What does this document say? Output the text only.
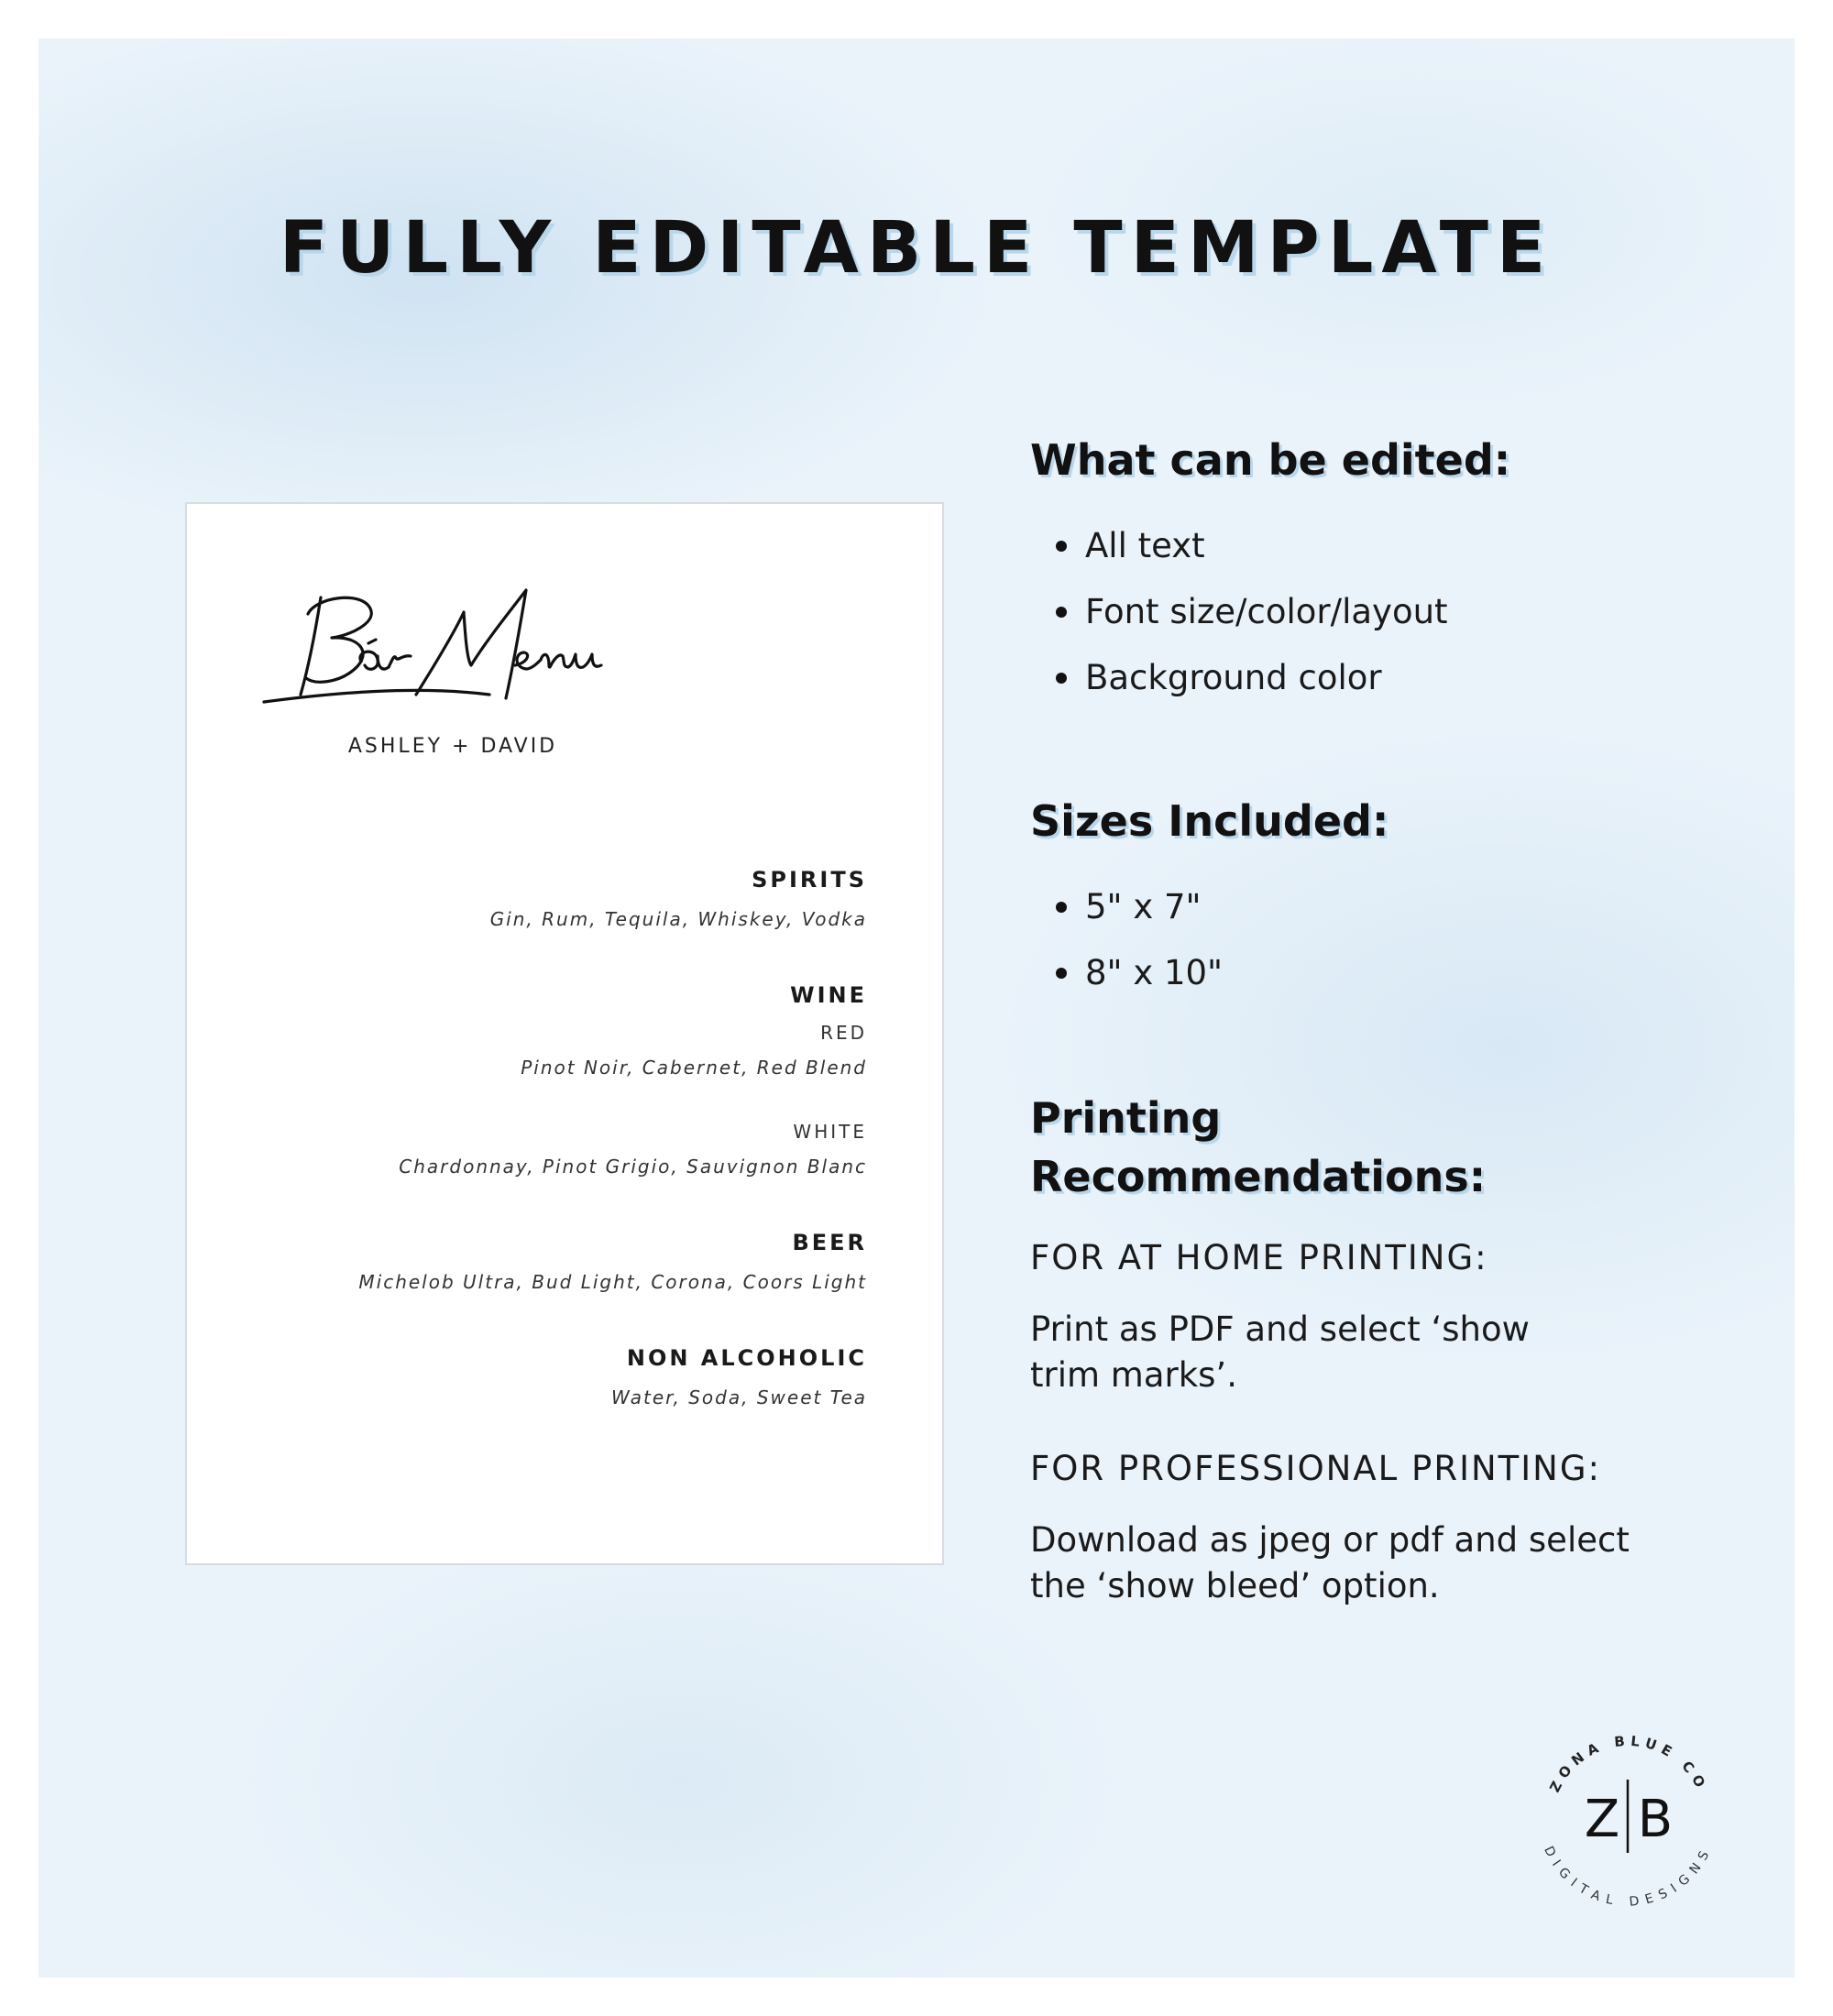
FULLY EDITABLE TEMPLATE
ASHLEY + DAVID
SPIRITS
Gin, Rum, Tequila, Whiskey, Vodka
WINE
RED
Pinot Noir, Cabernet, Red Blend
WHITE
Chardonnay, Pinot Grigio, Sauvignon Blanc
BEER
Michelob Ultra, Bud Light, Corona, Coors Light
NON ALCOHOLIC
Water, Soda, Sweet Tea
What can be edited:
All text
Font size/color/layout
Background color
Sizes Included:
5" x 7"
8" x 10"
Printing Recommendations:
FOR AT HOME PRINTING:
Print as PDF and select ‘show
trim marks’.
FOR PROFESSIONAL PRINTING:
Download as jpeg or pdf and select
the ‘show bleed’ option.
ZONA BLUE CO
DIGITAL DESIGNS
Z B
